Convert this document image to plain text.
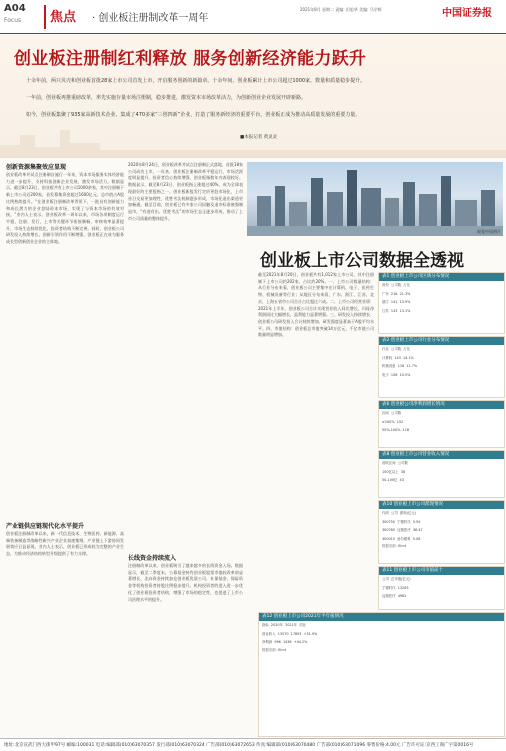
A04
Focus 焦点 · 创业板注册制改革一周年
2021年8月 星期二 责编: 田思华 美编: 马学辉	中国证券报
创业板注册制红利释放 服务创新经济能力跃升
十余年前，两只贝壳和创业板首批28家上市公司首发上市，开启服务创新的新篇章。十余年间，创业板累计上市公司超过1000家，数量和质量稳步提升。
一年前，创业板再推重磅改革，率先实施存量市场注册制，稳步推进，激发资本市场改革活力，为创新创业企业发展开辟新路。
如今，创业板集聚了935家高新技术企业，集成了470多家“三创四新”企业，打造了服务新经济的重要平台，创业板正成为推动高质量发展的重要力量。
■本报记者 黄灵灵
创新资源集聚效应显现
创业板改革并试点注册制自施行一年来，资本市场服务实体经济能力进一步提升，支持科技创新企业发展，激发市场活力。数据显示，截至8月23日，创业板共有上市公司1000余家，其中注册制下新上市公司近200家，首发募集资金超过1600亿元，总市值占A股比例持续提升。“在创业板注册制改革背景下，一批具有创新能力和成长潜力的企业登陆资本市场，实现了与资本市场的有效对接。”业内人士表示。创业板改革一周年以来，市场各项制度运行平稳，注册、发行、上市等关键环节衔接顺畅，审核效率显著提升，市场生态持续优化，投资者结构不断完善。同时，创业板公司研发投入持续增长，创新引领作用不断增强，创业板正在成为服务成长型创新创业企业的主阵地。
产业链供应链现代化水平提升
创业板注册制改革以来，新一代信息技术、生物医药、新能源、高端装备制造等战略性新兴产业企业加速集聚，产业链上下游协同发展效应日益显现。业内人士表示，创业板已形成较为完整的产业生态，为推动经济结构转型升级提供了有力支撑。
2020年8月24日，创业板改革并试点注册制正式落地，首批18家公司成功上市。一年来，创业板注册制改革平稳运行，市场活跃度明显提升，投资者信心持续增强，创业板指数年内表现较好。数据显示，截至8月23日，创业板指上涨超过40%，成为全球表现最好的主要股指之一。创业板新股发行定价更趋市场化，上市首日交易更加理性，优胜劣汰机制逐步形成，市场化退出渠道更加畅通。截至目前，创业板已有多家公司因触及退市标准被强制退市，“有进有出、优胜劣汰”的市场生态正逐步形成，推动了上市公司质量的整体提升。
长线资金持续流入
注册制改革以来，创业板吸引了越来越多的长线资金入场。数据显示，截至二季度末，公募基金持有创业板股票市值较改革前显著增长，北向资金持续加仓创业板优质公司，社保基金、保险资金等机构投资者持股比例稳步提升。机构投资者的进入进一步优化了创业板投资者结构，增强了市场的稳定性，也促进了上市公司治理水平的提升。
视觉中国图片
创业板上市公司数据全透视
截至2021年8月20日，创业板共有1,012家上市公司，其中注册制下上市公司约202家，占比约20%。一、上市公司数量结构：从行业分布来看，创业板公司主要集中在计算机、电子、医药生物、机械设备等行业；从地区分布来看，广东、浙江、江苏、北京、上海五省市公司合计占比超过六成。二、上市公司经营业绩：2021年上半年，创业板公司合计实现营业收入同比增长，归母净利润同比大幅增长，盈利能力显著增强。三、研发投入持续增长：创业板公司研发投入合计持续增加，研发强度显著高于A股平均水平。四、市值结构：创业板总市值突破14万亿元，千亿市值公司数量明显增加。
表1 创业板上市公司区域分布情况
省份  公司数  占比
广东  216  21.3%
浙江  141  13.9%
江苏  133  13.1%
表2 创业板上市公司行业分布情况
行业  公司数  占比
计算机  143  14.1%
机械设备  118  11.7%
电子  106  10.5%
表6 创业板公司净利润增长情况
区间  公司数
≥100%  152
50%-100%  118
表8 创业板上市公司营业收入情况
营收区间  公司数
100亿以上  38
50-100亿  43
表10 创业板上市公司派现情况
代码  公司  派现(亿元)
300750  宁德时代  5.59
300760  迈瑞医疗  36.47
300015  爱尔眼科  5.08
数据来源: Wind
表11 创业板上市公司市值前十
公司  总市值(亿元)
宁德时代  13263
迈瑞医疗  4962
表12 创业板上市公司2021年半年报情况
指标  2020年  2021年  同比
营业收入  13570  17893  +31.9%
净利润  996  1436  +44.2%
数据来源: Wind
地址:北京宣武门西大街甲97号 邮编:100031 电话:编辑部(010)63070357 发行部(010)63070324 广告部(010)63072653 传真:编辑部(010)63070480 广告部(010)63071096 零售价格:4.00元 广告许可证:京西工商广字第0016号
